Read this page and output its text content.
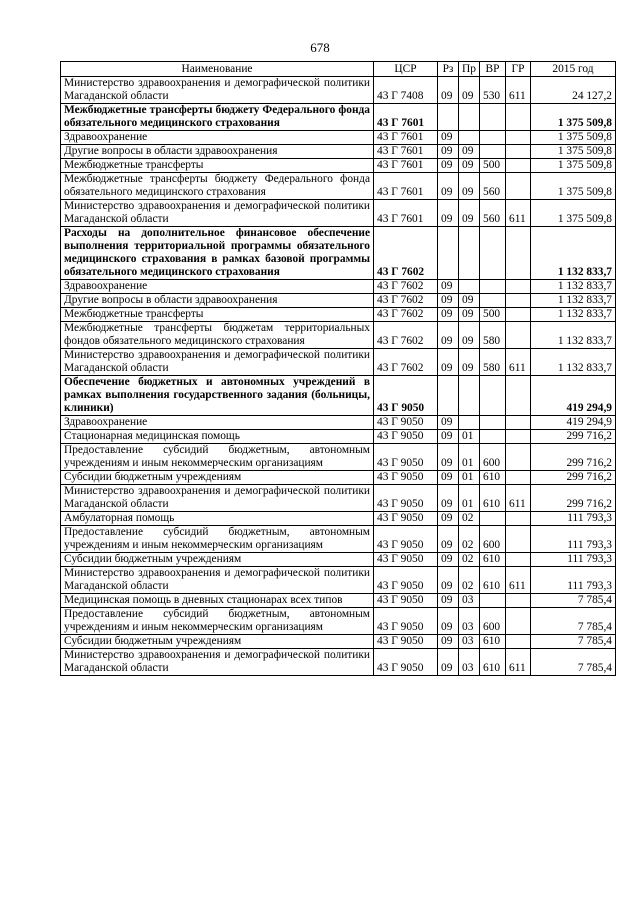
678
Наименование	ЦСР	Рз	Пр	ВР	ГР	2015 год
Министерство здравоохранения и демографической политики Магаданской области	43 Г 7408	09	09	530	611	24 127,2
Межбюджетные трансферты бюджету Федерального фонда обязательного медицинского страхования	43 Г 7601					1 375 509,8
Здравоохранение	43 Г 7601	09				1 375 509,8
Другие вопросы в области здравоохранения	43 Г 7601	09	09			1 375 509,8
Межбюджетные трансферты	43 Г 7601	09	09	500		1 375 509,8
Межбюджетные трансферты бюджету Федерального фонда обязательного медицинского страхования	43 Г 7601	09	09	560		1 375 509,8
Министерство здравоохранения и демографической политики Магаданской области	43 Г 7601	09	09	560	611	1 375 509,8
Расходы на дополнительное финансовое обеспечение выполнения территориальной программы обязательного медицинского страхования в рамках базовой программы обязательного медицинского страхования	43 Г 7602					1 132 833,7
Здравоохранение	43 Г 7602	09				1 132 833,7
Другие вопросы в области здравоохранения	43 Г 7602	09	09			1 132 833,7
Межбюджетные трансферты	43 Г 7602	09	09	500		1 132 833,7
Межбюджетные трансферты бюджетам территориальных фондов обязательного медицинского страхования	43 Г 7602	09	09	580		1 132 833,7
Министерство здравоохранения и демографической политики Магаданской области	43 Г 7602	09	09	580	611	1 132 833,7
Обеспечение бюджетных и автономных учреждений в рамках выполнения государственного задания (больницы, клиники)	43 Г 9050					419 294,9
Здравоохранение	43 Г 9050	09				419 294,9
Стационарная медицинская помощь	43 Г 9050	09	01			299 716,2
Предоставление субсидий бюджетным, автономным учреждениям и иным некоммерческим организациям	43 Г 9050	09	01	600		299 716,2
Субсидии бюджетным учреждениям	43 Г 9050	09	01	610		299 716,2
Министерство здравоохранения и демографической политики Магаданской области	43 Г 9050	09	01	610	611	299 716,2
Амбулаторная помощь	43 Г 9050	09	02			111 793,3
Предоставление субсидий бюджетным, автономным учреждениям и иным некоммерческим организациям	43 Г 9050	09	02	600		111 793,3
Субсидии бюджетным учреждениям	43 Г 9050	09	02	610		111 793,3
Министерство здравоохранения и демографической политики Магаданской области	43 Г 9050	09	02	610	611	111 793,3
Медицинская помощь в дневных стационарах всех типов	43 Г 9050	09	03			7 785,4
Предоставление субсидий бюджетным, автономным учреждениям и иным некоммерческим организациям	43 Г 9050	09	03	600		7 785,4
Субсидии бюджетным учреждениям	43 Г 9050	09	03	610		7 785,4
Министерство здравоохранения и демографической политики Магаданской области	43 Г 9050	09	03	610	611	7 785,4
